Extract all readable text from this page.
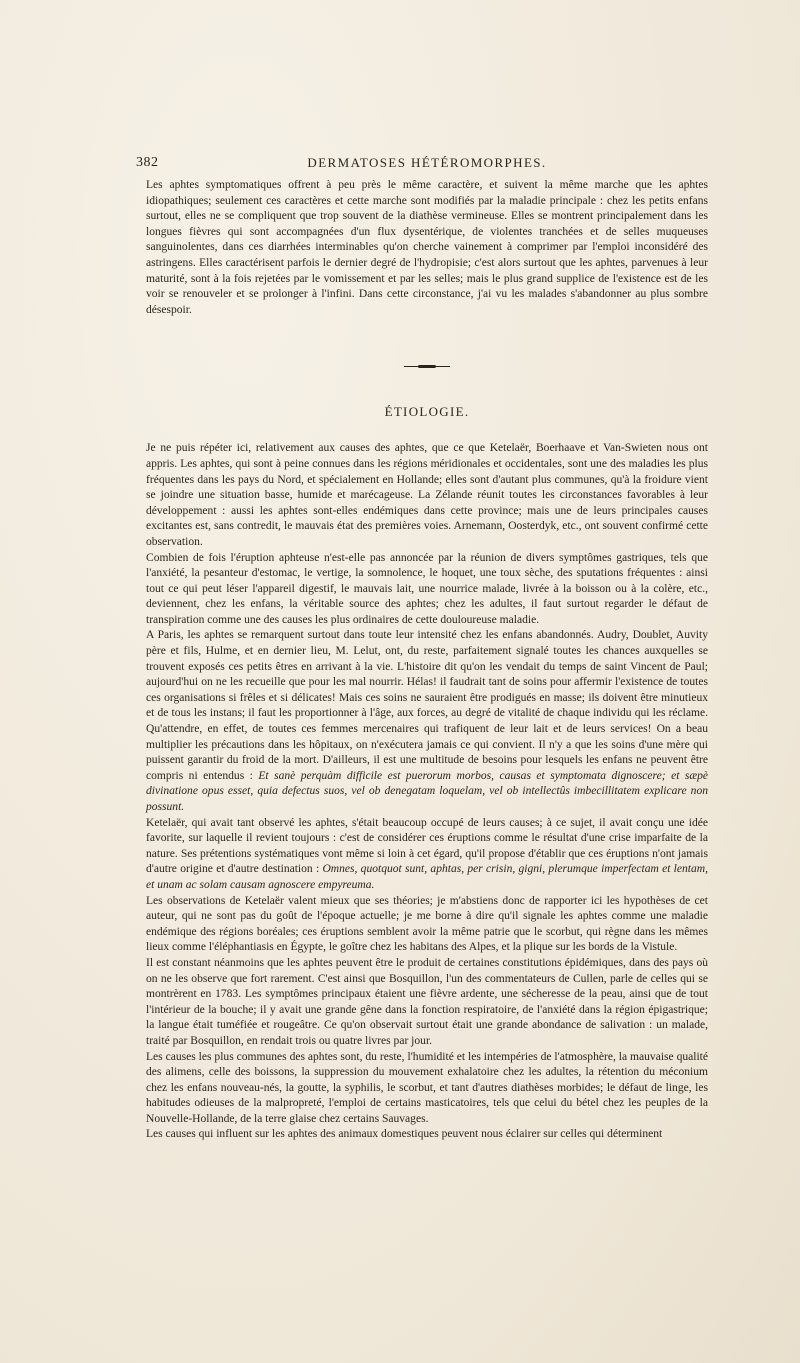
382	DERMATOSES HÉTÉROMORPHES.

Les aphtes symptomatiques offrent à peu près le même caractère, et suivent la même marche que les aphtes idiopathiques; seulement ces caractères et cette marche sont modifiés par la maladie principale : chez les petits enfans surtout, elles ne se compliquent que trop souvent de la diathèse vermineuse. Elles se montrent principalement dans les longues fièvres qui sont accompagnées d'un flux dysentérique, de violentes tranchées et de selles muqueuses sanguinolentes, dans ces diarrhées interminables qu'on cherche vainement à comprimer par l'emploi inconsidéré des astringens. Elles caractérisent parfois le dernier degré de l'hydropisie; c'est alors surtout que les aphtes, parvenues à leur maturité, sont à la fois rejetées par le vomissement et par les selles; mais le plus grand supplice de l'existence est de les voir se renouveler et se prolonger à l'infini. Dans cette circonstance, j'ai vu les malades s'abandonner au plus sombre désespoir.

ÉTIOLOGIE.

Je ne puis répéter ici, relativement aux causes des aphtes, que ce que Ketelaër, Boerhaave et Van-Swieten nous ont appris. Les aphtes, qui sont à peine connues dans les régions méridionales et occidentales, sont une des maladies les plus fréquentes dans les pays du Nord, et spécialement en Hollande; elles sont d'autant plus communes, qu'à la froidure vient se joindre une situation basse, humide et marécageuse. La Zélande réunit toutes les circonstances favorables à leur développement : aussi les aphtes sont-elles endémiques dans cette province; mais une de leurs principales causes excitantes est, sans contredit, le mauvais état des premières voies. Arnemann, Oosterdyk, etc., ont souvent confirmé cette observation.

Combien de fois l'éruption aphteuse n'est-elle pas annoncée par la réunion de divers symptômes gastriques, tels que l'anxiété, la pesanteur d'estomac, le vertige, la somnolence, le hoquet, une toux sèche, des sputations fréquentes : ainsi tout ce qui peut léser l'appareil digestif, le mauvais lait, une nourrice malade, livrée à la boisson ou à la colère, etc., deviennent, chez les enfans, la véritable source des aphtes; chez les adultes, il faut surtout regarder le défaut de transpiration comme une des causes les plus ordinaires de cette douloureuse maladie.

A Paris, les aphtes se remarquent surtout dans toute leur intensité chez les enfans abandonnés. Audry, Doublet, Auvity père et fils, Hulme, et en dernier lieu, M. Lelut, ont, du reste, parfaitement signalé toutes les chances auxquelles se trouvent exposés ces petits êtres en arrivant à la vie. L'histoire dit qu'on les vendait du temps de saint Vincent de Paul; aujourd'hui on ne les recueille que pour les mal nourrir. Hélas! il faudrait tant de soins pour affermir l'existence de toutes ces organisations si frêles et si délicates! Mais ces soins ne sauraient être prodigués en masse; ils doivent être minutieux et de tous les instans; il faut les proportionner à l'âge, aux forces, au degré de vitalité de chaque individu qui les réclame. Qu'attendre, en effet, de toutes ces femmes mercenaires qui trafiquent de leur lait et de leurs services! On a beau multiplier les précautions dans les hôpitaux, on n'exécutera jamais ce qui convient. Il n'y a que les soins d'une mère qui puissent garantir du froid de la mort. D'ailleurs, il est une multitude de besoins pour lesquels les enfans ne peuvent être compris ni entendus : Et sanè perquàm difficile est puerorum morbos, causas et symptomata dignoscere; et sæpè divinatione opus esset, quia defectus suos, vel ob denegatam loquelam, vel ob intellectûs imbecillitatem explicare non possunt.

Ketelaër, qui avait tant observé les aphtes, s'était beaucoup occupé de leurs causes; à ce sujet, il avait conçu une idée favorite, sur laquelle il revient toujours : c'est de considérer ces éruptions comme le résultat d'une crise imparfaite de la nature. Ses prétentions systématiques vont même si loin à cet égard, qu'il propose d'établir que ces éruptions n'ont jamais d'autre origine et d'autre destination : Omnes, quotquot sunt, aphtas, per crisin, gigni, plerumque imperfectam et lentam, et unam ac solam causam agnoscere empyreuma.

Les observations de Ketelaër valent mieux que ses théories; je m'abstiens donc de rapporter ici les hypothèses de cet auteur, qui ne sont pas du goût de l'époque actuelle; je me borne à dire qu'il signale les aphtes comme une maladie endémique des régions boréales; ces éruptions semblent avoir la même patrie que le scorbut, qui règne dans les mêmes lieux comme l'éléphantiasis en Égypte, le goître chez les habitans des Alpes, et la plique sur les bords de la Vistule.

Il est constant néanmoins que les aphtes peuvent être le produit de certaines constitutions épidémiques, dans des pays où on ne les observe que fort rarement. C'est ainsi que Bosquillon, l'un des commentateurs de Cullen, parle de celles qui se montrèrent en 1783. Les symptômes principaux étaient une fièvre ardente, une sécheresse de la peau, ainsi que de tout l'intérieur de la bouche; il y avait une grande gêne dans la fonction respiratoire, de l'anxiété dans la région épigastrique; la langue était tuméfiée et rougeâtre. Ce qu'on observait surtout était une grande abondance de salivation : un malade, traité par Bosquillon, en rendait trois ou quatre livres par jour.

Les causes les plus communes des aphtes sont, du reste, l'humidité et les intempéries de l'atmosphère, la mauvaise qualité des alimens, celle des boissons, la suppression du mouvement exhalatoire chez les adultes, la rétention du méconium chez les enfans nouveau-nés, la goutte, la syphilis, le scorbut, et tant d'autres diathèses morbides; le défaut de linge, les habitudes odieuses de la malpropreté, l'emploi de certains masticatoires, tels que celui du bétel chez les peuples de la Nouvelle-Hollande, de la terre glaise chez certains Sauvages.

Les causes qui influent sur les aphtes des animaux domestiques peuvent nous éclairer sur celles qui déterminent
